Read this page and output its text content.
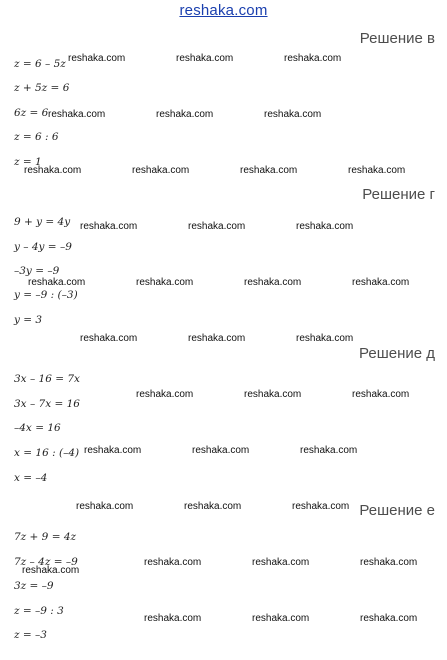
reshaka.com
Решение в
z = 6 – 5z
z + 5z = 6
6z = 6
z = 6 : 6
z = 1
Решение г
9 + y = 4y
y – 4y = –9
–3y = –9
y = –9 : (–3)
y = 3
Решение д
3x – 16 = 7x
3x – 7x = 16
–4x = 16
x = 16 : (–4)
x = –4
Решение е
7z + 9 = 4z
7z – 4z = –9
3z = –9
z = –9 : 3
z = –3
reshaka.com	reshaka.com	reshaka.com
reshaka.com	reshaka.com	reshaka.com
reshaka.com	reshaka.com	reshaka.com	reshaka.com
reshaka.com	reshaka.com	reshaka.com
reshaka.com	reshaka.com	reshaka.com	reshaka.com
reshaka.com	reshaka.com	reshaka.com
reshaka.com	reshaka.com	reshaka.com
reshaka.com	reshaka.com	reshaka.com
reshaka.com	reshaka.com	reshaka.com
reshaka.com
reshaka.com	reshaka.com	reshaka.com
reshaka.com	reshaka.com	reshaka.com
